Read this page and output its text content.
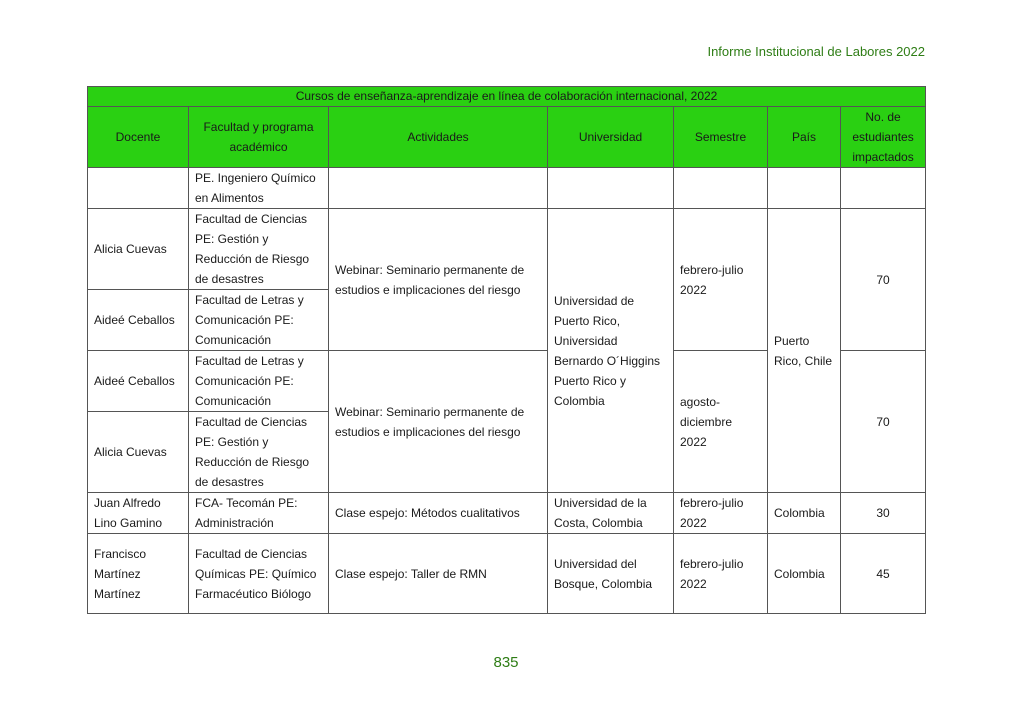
Informe Institucional de Labores 2022
Cursos de enseñanza-aprendizaje en línea de colaboración internacional, 2022						
Docente	Facultad y programa académico	Actividades	Universidad	Semestre	País	No. de estudiantes impactados
	PE. Ingeniero Químico en Alimentos					
Alicia Cuevas	Facultad de Ciencias PE: Gestión y Reducción de Riesgo de desastres	Webinar: Seminario permanente de estudios e implicaciones del riesgo	Universidad de Puerto Rico, Universidad Bernardo O´Higgins Puerto Rico y Colombia	febrero-julio 2022	Puerto Rico, Chile	70
Aideé Ceballos	Facultad de Letras y Comunicación PE: Comunicación					
Aideé Ceballos	Facultad de Letras y Comunicación PE: Comunicación	Webinar: Seminario permanente de estudios e implicaciones del riesgo		agosto-diciembre 2022		70
Alicia Cuevas	Facultad de Ciencias PE: Gestión y Reducción de Riesgo de desastres					
Juan Alfredo Lino Gamino	FCA- Tecomán PE: Administración	Clase espejo: Métodos cualitativos	Universidad de la Costa, Colombia	febrero-julio 2022	Colombia	30
Francisco Martínez Martínez	Facultad de Ciencias Químicas PE: Químico Farmacéutico Biólogo	Clase espejo: Taller de RMN	Universidad del Bosque, Colombia	febrero-julio 2022	Colombia	45
835
